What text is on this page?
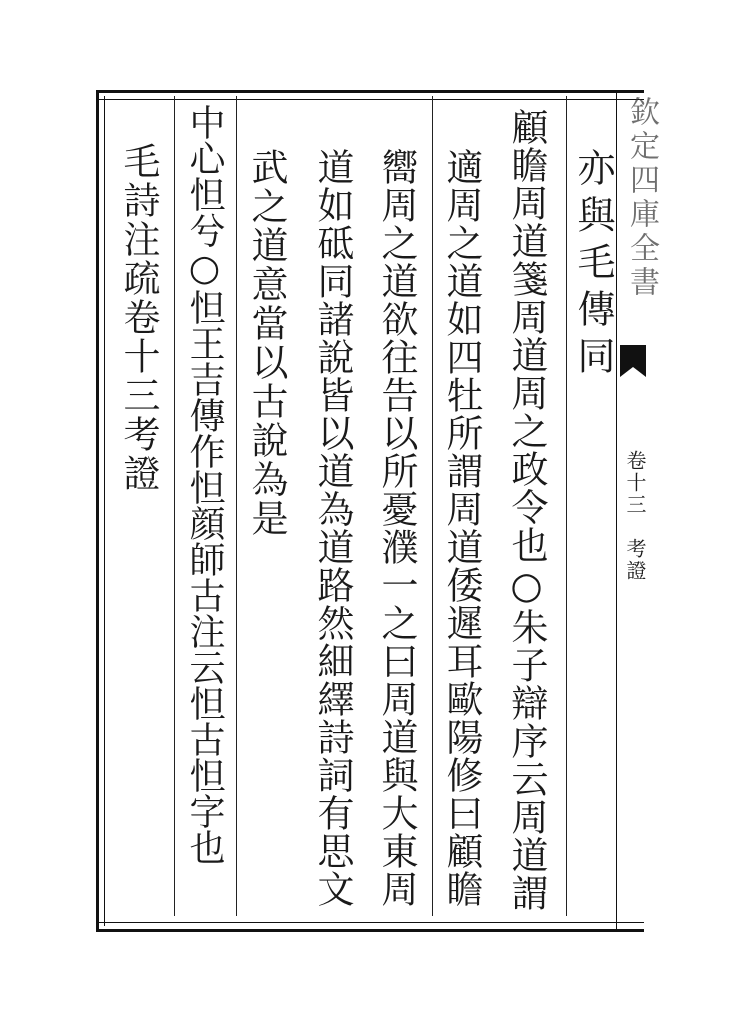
欽定四庫全書
卷十三　考證
亦與毛傳同
顧瞻周道箋周道周之政令也○朱子辯序云周道謂
適周之道如四牡所謂周道倭遲耳歐陽修曰顧瞻
嚮周之道欲往告以所憂濮一之曰周道與大東周
道如砥同諸說皆以道為道路然細繹詩詞有思文
武之道意當以古說為是
中心怛兮○怛王吉傳作怛顔師古注云怛古怛字也
毛詩注疏卷十三考證
